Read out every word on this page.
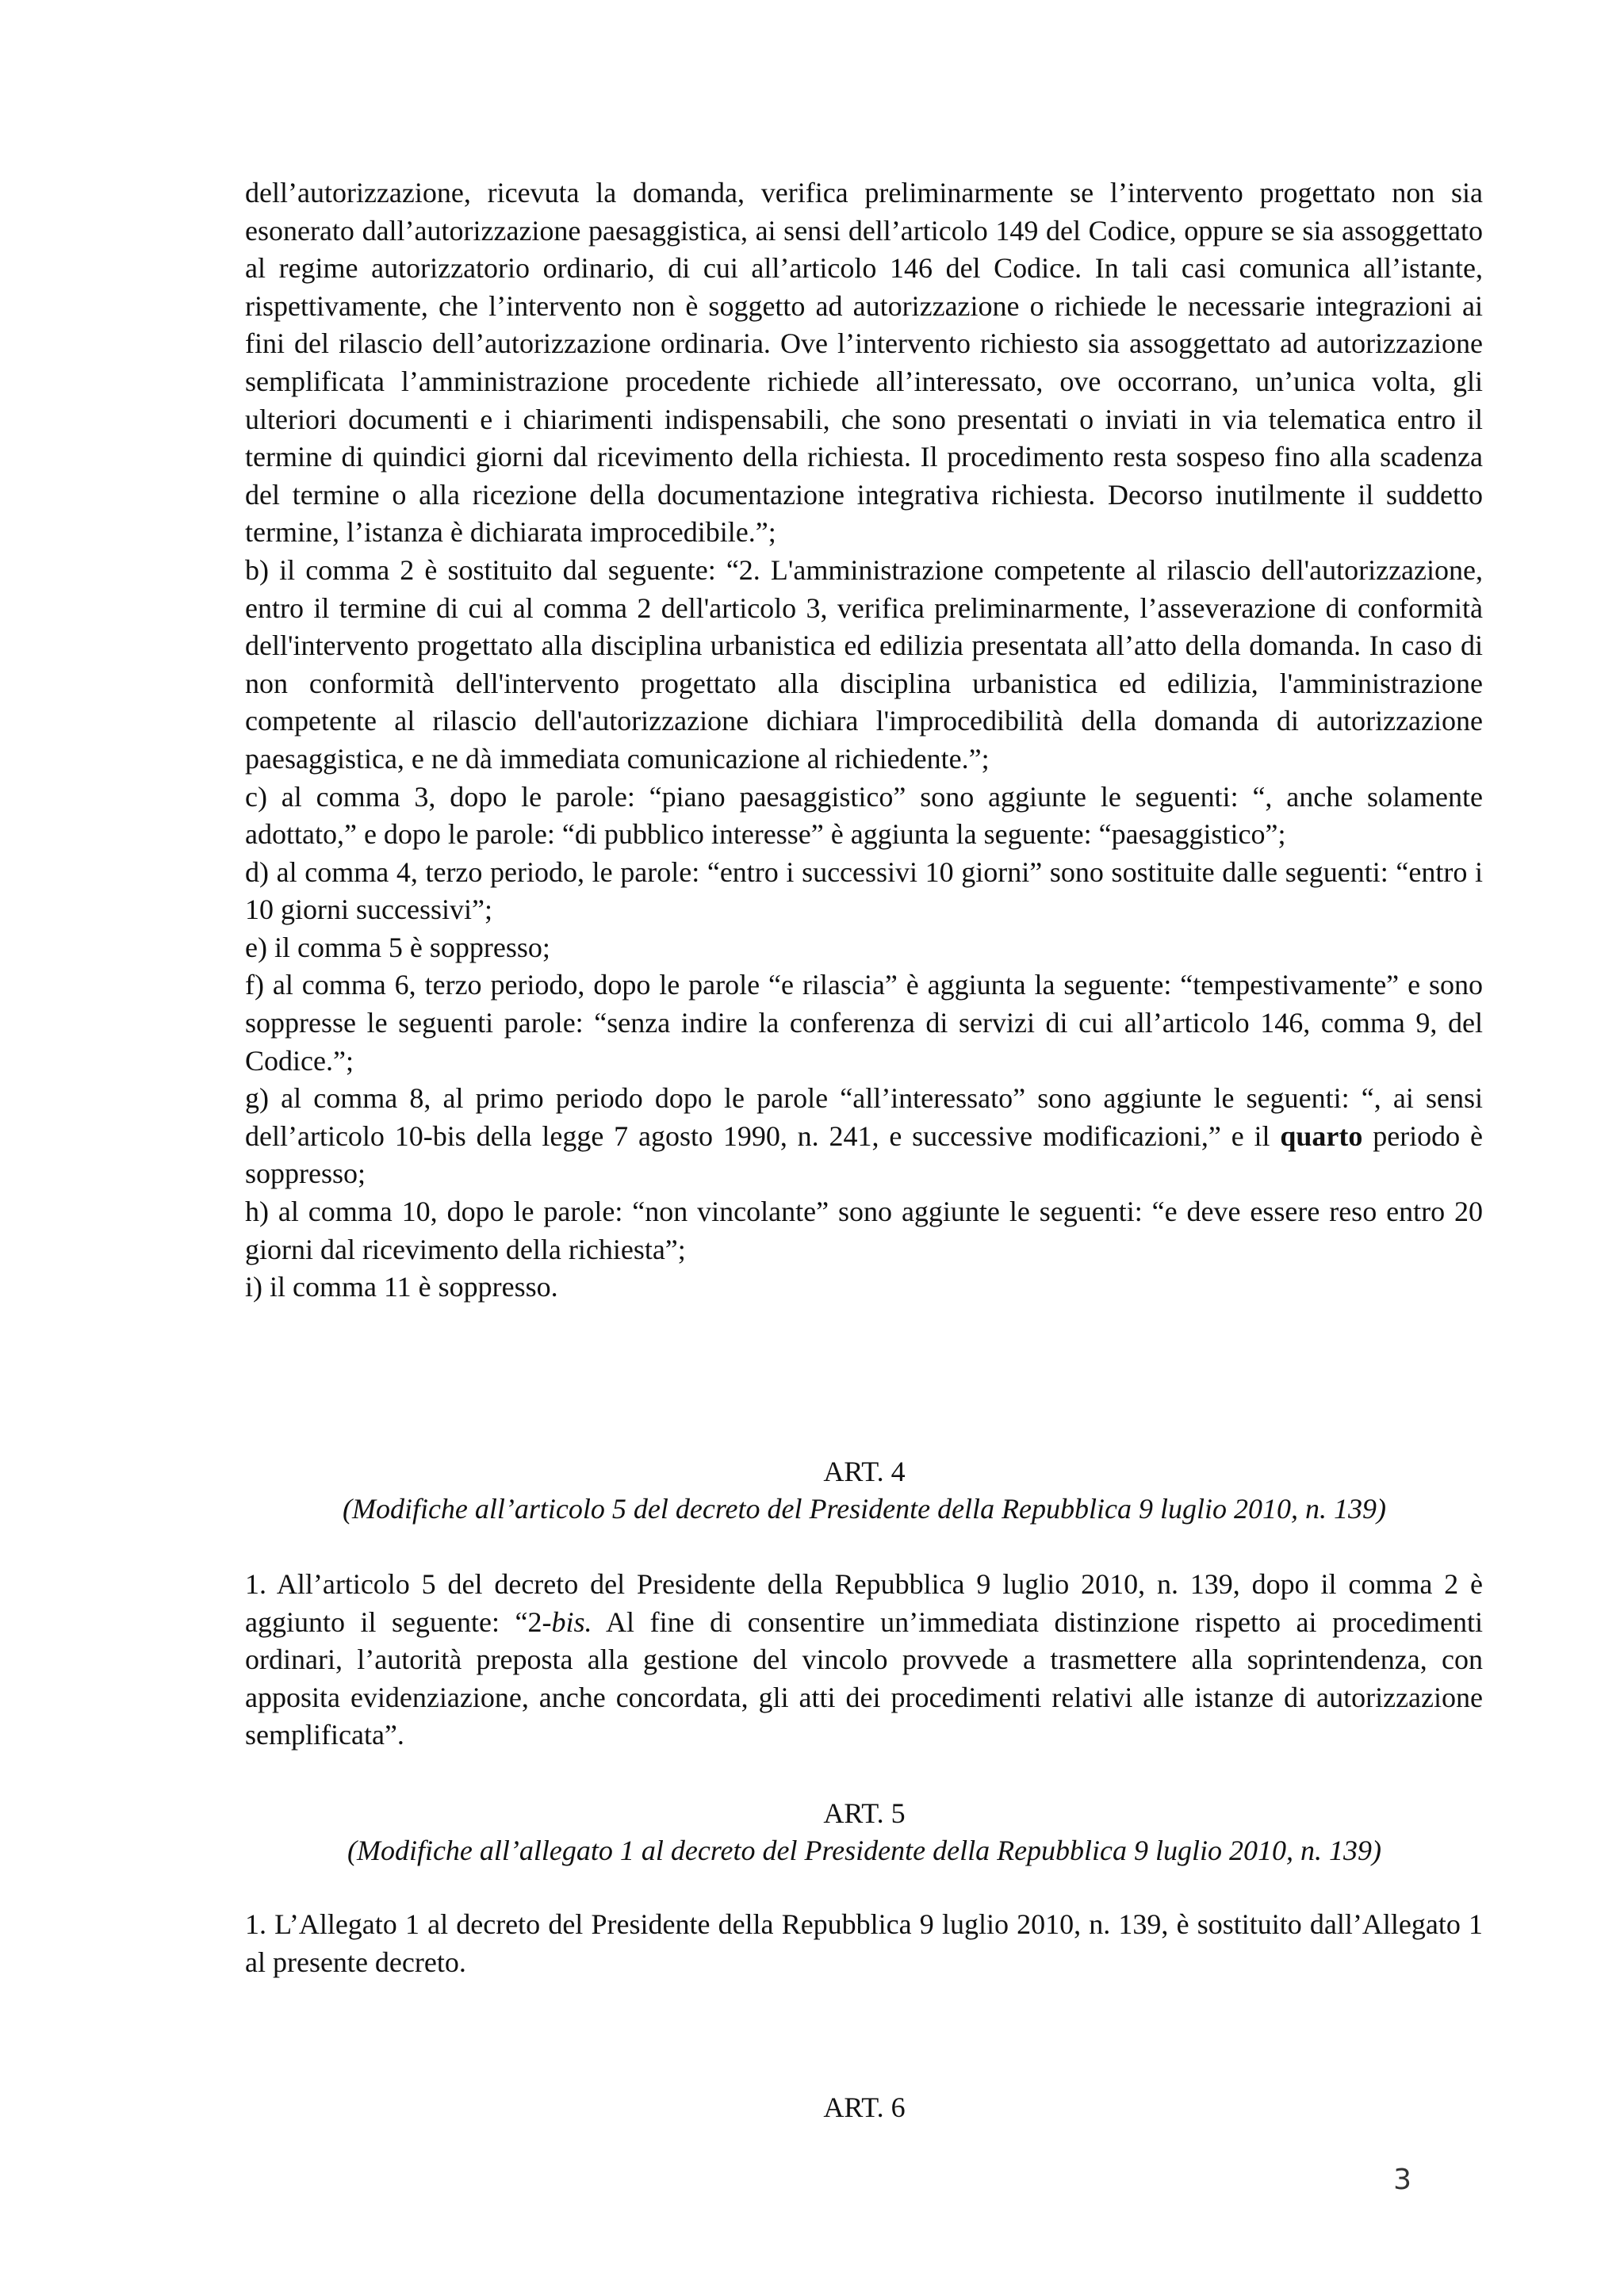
dell’autorizzazione, ricevuta la domanda, verifica preliminarmente se l’intervento progettato non sia esonerato dall’autorizzazione paesaggistica, ai sensi dell’articolo 149 del Codice, oppure se sia assoggettato al regime autorizzatorio ordinario, di cui all’articolo 146 del Codice. In tali casi comunica all’istante, rispettivamente, che l’intervento non è soggetto ad autorizzazione o richiede le necessarie integrazioni ai fini del rilascio dell’autorizzazione ordinaria. Ove l’intervento richiesto sia assoggettato ad autorizzazione semplificata l’amministrazione procedente richiede all’interessato, ove occorrano, un’unica volta, gli ulteriori documenti e i chiarimenti indispensabili, che sono presentati o inviati in via telematica entro il termine di quindici giorni dal ricevimento della richiesta. Il procedimento resta sospeso fino alla scadenza del termine o alla ricezione della documentazione integrativa richiesta. Decorso inutilmente il suddetto termine, l’istanza è dichiarata improcedibile.”;

b) il comma 2 è sostituito dal seguente: “2. L'amministrazione competente al rilascio dell'autorizzazione, entro il termine di cui al comma 2 dell'articolo 3, verifica preliminarmente, l’asseverazione di conformità dell'intervento progettato alla disciplina urbanistica ed edilizia presentata all’atto della domanda. In caso di non conformità dell'intervento progettato alla disciplina urbanistica ed edilizia, l'amministrazione competente al rilascio dell'autorizzazione dichiara l'improcedibilità della domanda di autorizzazione paesaggistica, e ne dà immediata comunicazione al richiedente.”;

c) al comma 3, dopo le parole: “piano paesaggistico” sono aggiunte le seguenti: “, anche solamente adottato,” e dopo le parole: “di pubblico interesse” è aggiunta la seguente: “paesaggistico”;

d) al comma 4, terzo periodo, le parole: “entro i successivi 10 giorni” sono sostituite dalle seguenti: “entro i 10 giorni successivi”;

e) il comma 5 è soppresso;

f) al comma 6, terzo periodo, dopo le parole “e rilascia” è aggiunta la seguente: “tempestivamente” e sono soppresse le seguenti parole: “senza indire la conferenza di servizi di cui all’articolo 146, comma 9, del Codice.”;

g) al comma 8, al primo periodo dopo le parole “all’interessato” sono aggiunte le seguenti: “, ai sensi dell’articolo 10-bis della legge 7 agosto 1990, n. 241, e successive modificazioni,” e il quarto periodo è soppresso;

h) al comma 10, dopo le parole: “non vincolante” sono aggiunte le seguenti: “e deve essere reso entro 20 giorni dal ricevimento della richiesta”;

i) il comma 11 è soppresso.

ART. 4
(Modifiche all’articolo 5 del decreto del Presidente della Repubblica 9 luglio 2010, n. 139)

1. All’articolo 5 del decreto del Presidente della Repubblica 9 luglio 2010, n. 139, dopo il comma 2 è aggiunto il seguente: “2-bis. Al fine di consentire un’immediata distinzione rispetto ai procedimenti ordinari, l’autorità preposta alla gestione del vincolo provvede a trasmettere alla soprintendenza, con apposita evidenziazione, anche concordata, gli atti dei procedimenti relativi alle istanze di autorizzazione semplificata”.

ART. 5
(Modifiche all’allegato 1 al decreto del Presidente della Repubblica 9 luglio 2010, n. 139)

1. L’Allegato 1 al decreto del Presidente della Repubblica 9 luglio 2010, n. 139, è sostituito dall’Allegato 1 al presente decreto.

ART. 6
3
